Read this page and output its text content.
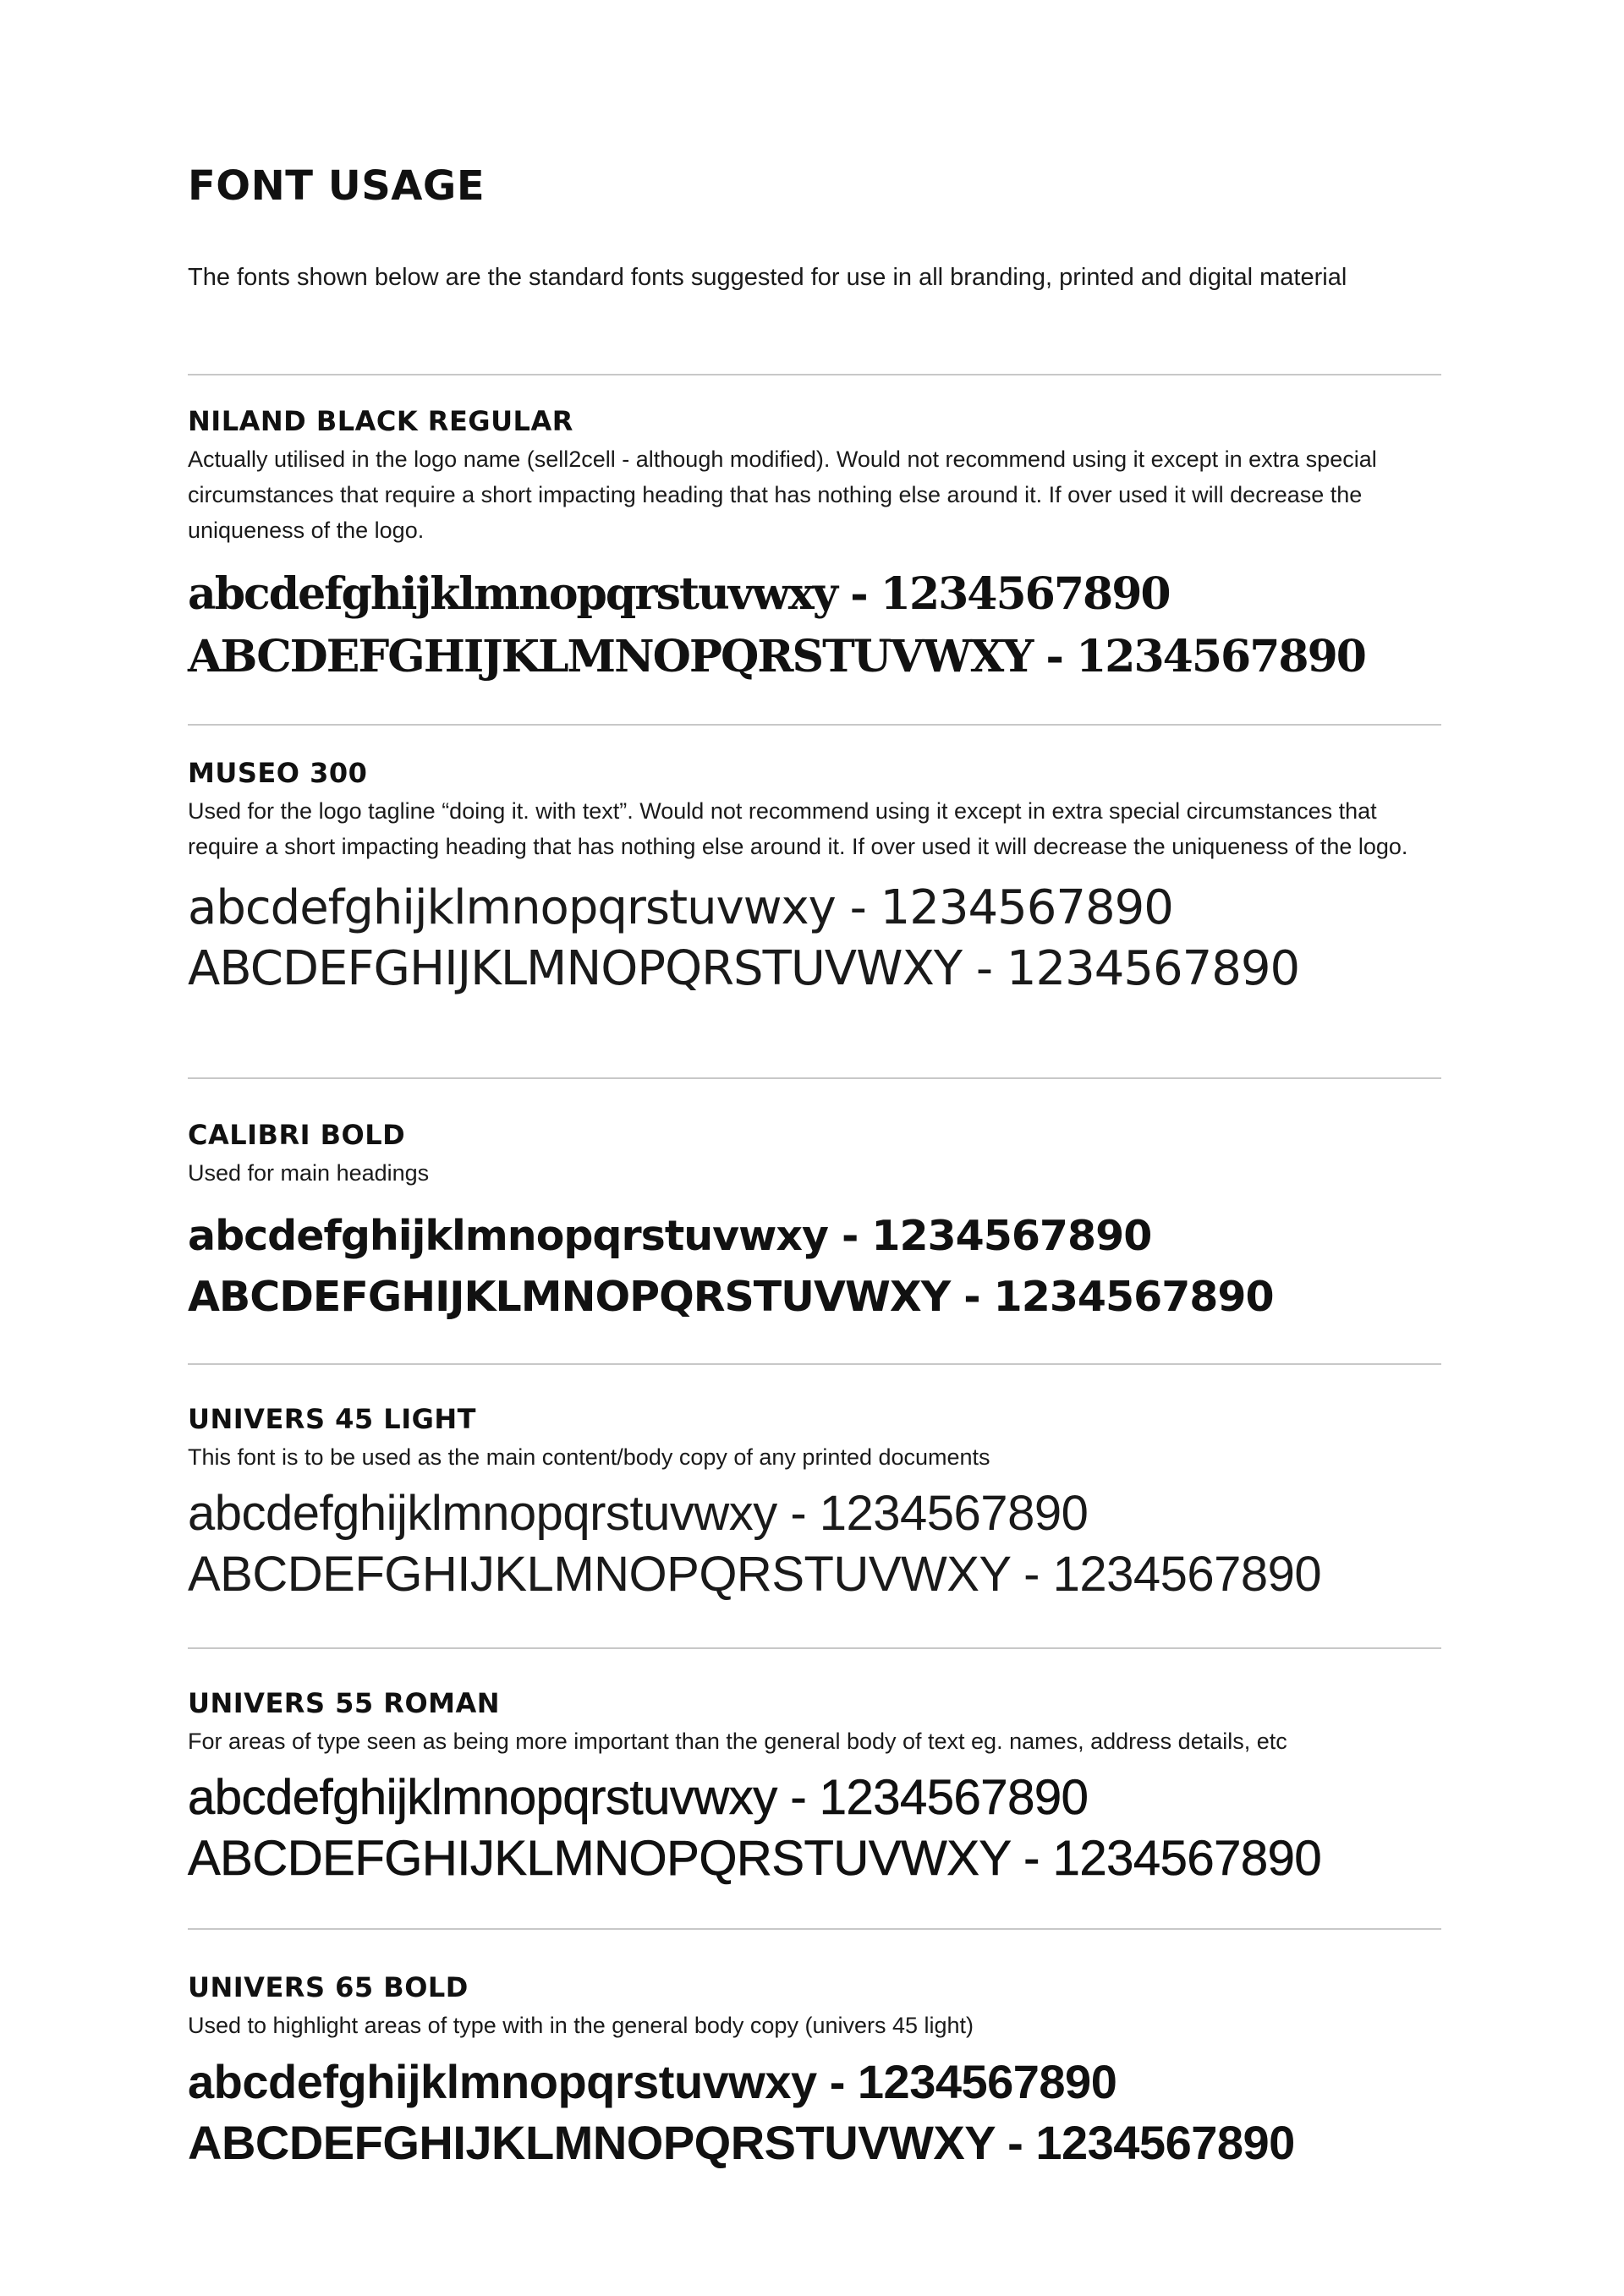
FONT USAGE

The fonts shown below are the standard fonts suggested for use in all branding, printed and digital material

NILAND BLACK REGULAR

Actually utilised in the logo name (sell2cell - although modified). Would not recommend using it except in extra special circumstances that require a short impacting heading that has nothing else around it. If over used it will decrease the uniqueness of the logo.

abcdefghijklmnopqrstuvwxy - 1234567890

ABCDEFGHIJKLMNOPQRSTUVWXY - 1234567890

MUSEO 300

Used for the logo tagline “doing it. with text”. Would not recommend using it except in extra special circumstances that require a short impacting heading that has nothing else around it. If over used it will decrease the uniqueness of the logo.

abcdefghijklmnopqrstuvwxy - 1234567890

ABCDEFGHIJKLMNOPQRSTUVWXY - 1234567890

CALIBRI BOLD

Used for main headings

abcdefghijklmnopqrstuvwxy - 1234567890

ABCDEFGHIJKLMNOPQRSTUVWXY - 1234567890

UNIVERS 45 LIGHT

This font is to be used as the main content/body copy of any printed documents

abcdefghijklmnopqrstuvwxy - 1234567890

ABCDEFGHIJKLMNOPQRSTUVWXY - 1234567890

UNIVERS 55 ROMAN

For areas of type seen as being more important than the general body of text eg. names, address details, etc

abcdefghijklmnopqrstuvwxy - 1234567890

ABCDEFGHIJKLMNOPQRSTUVWXY - 1234567890

UNIVERS 65 BOLD

Used to highlight areas of type with in the general body copy (univers 45 light)

abcdefghijklmnopqrstuvwxy - 1234567890

ABCDEFGHIJKLMNOPQRSTUVWXY - 1234567890
